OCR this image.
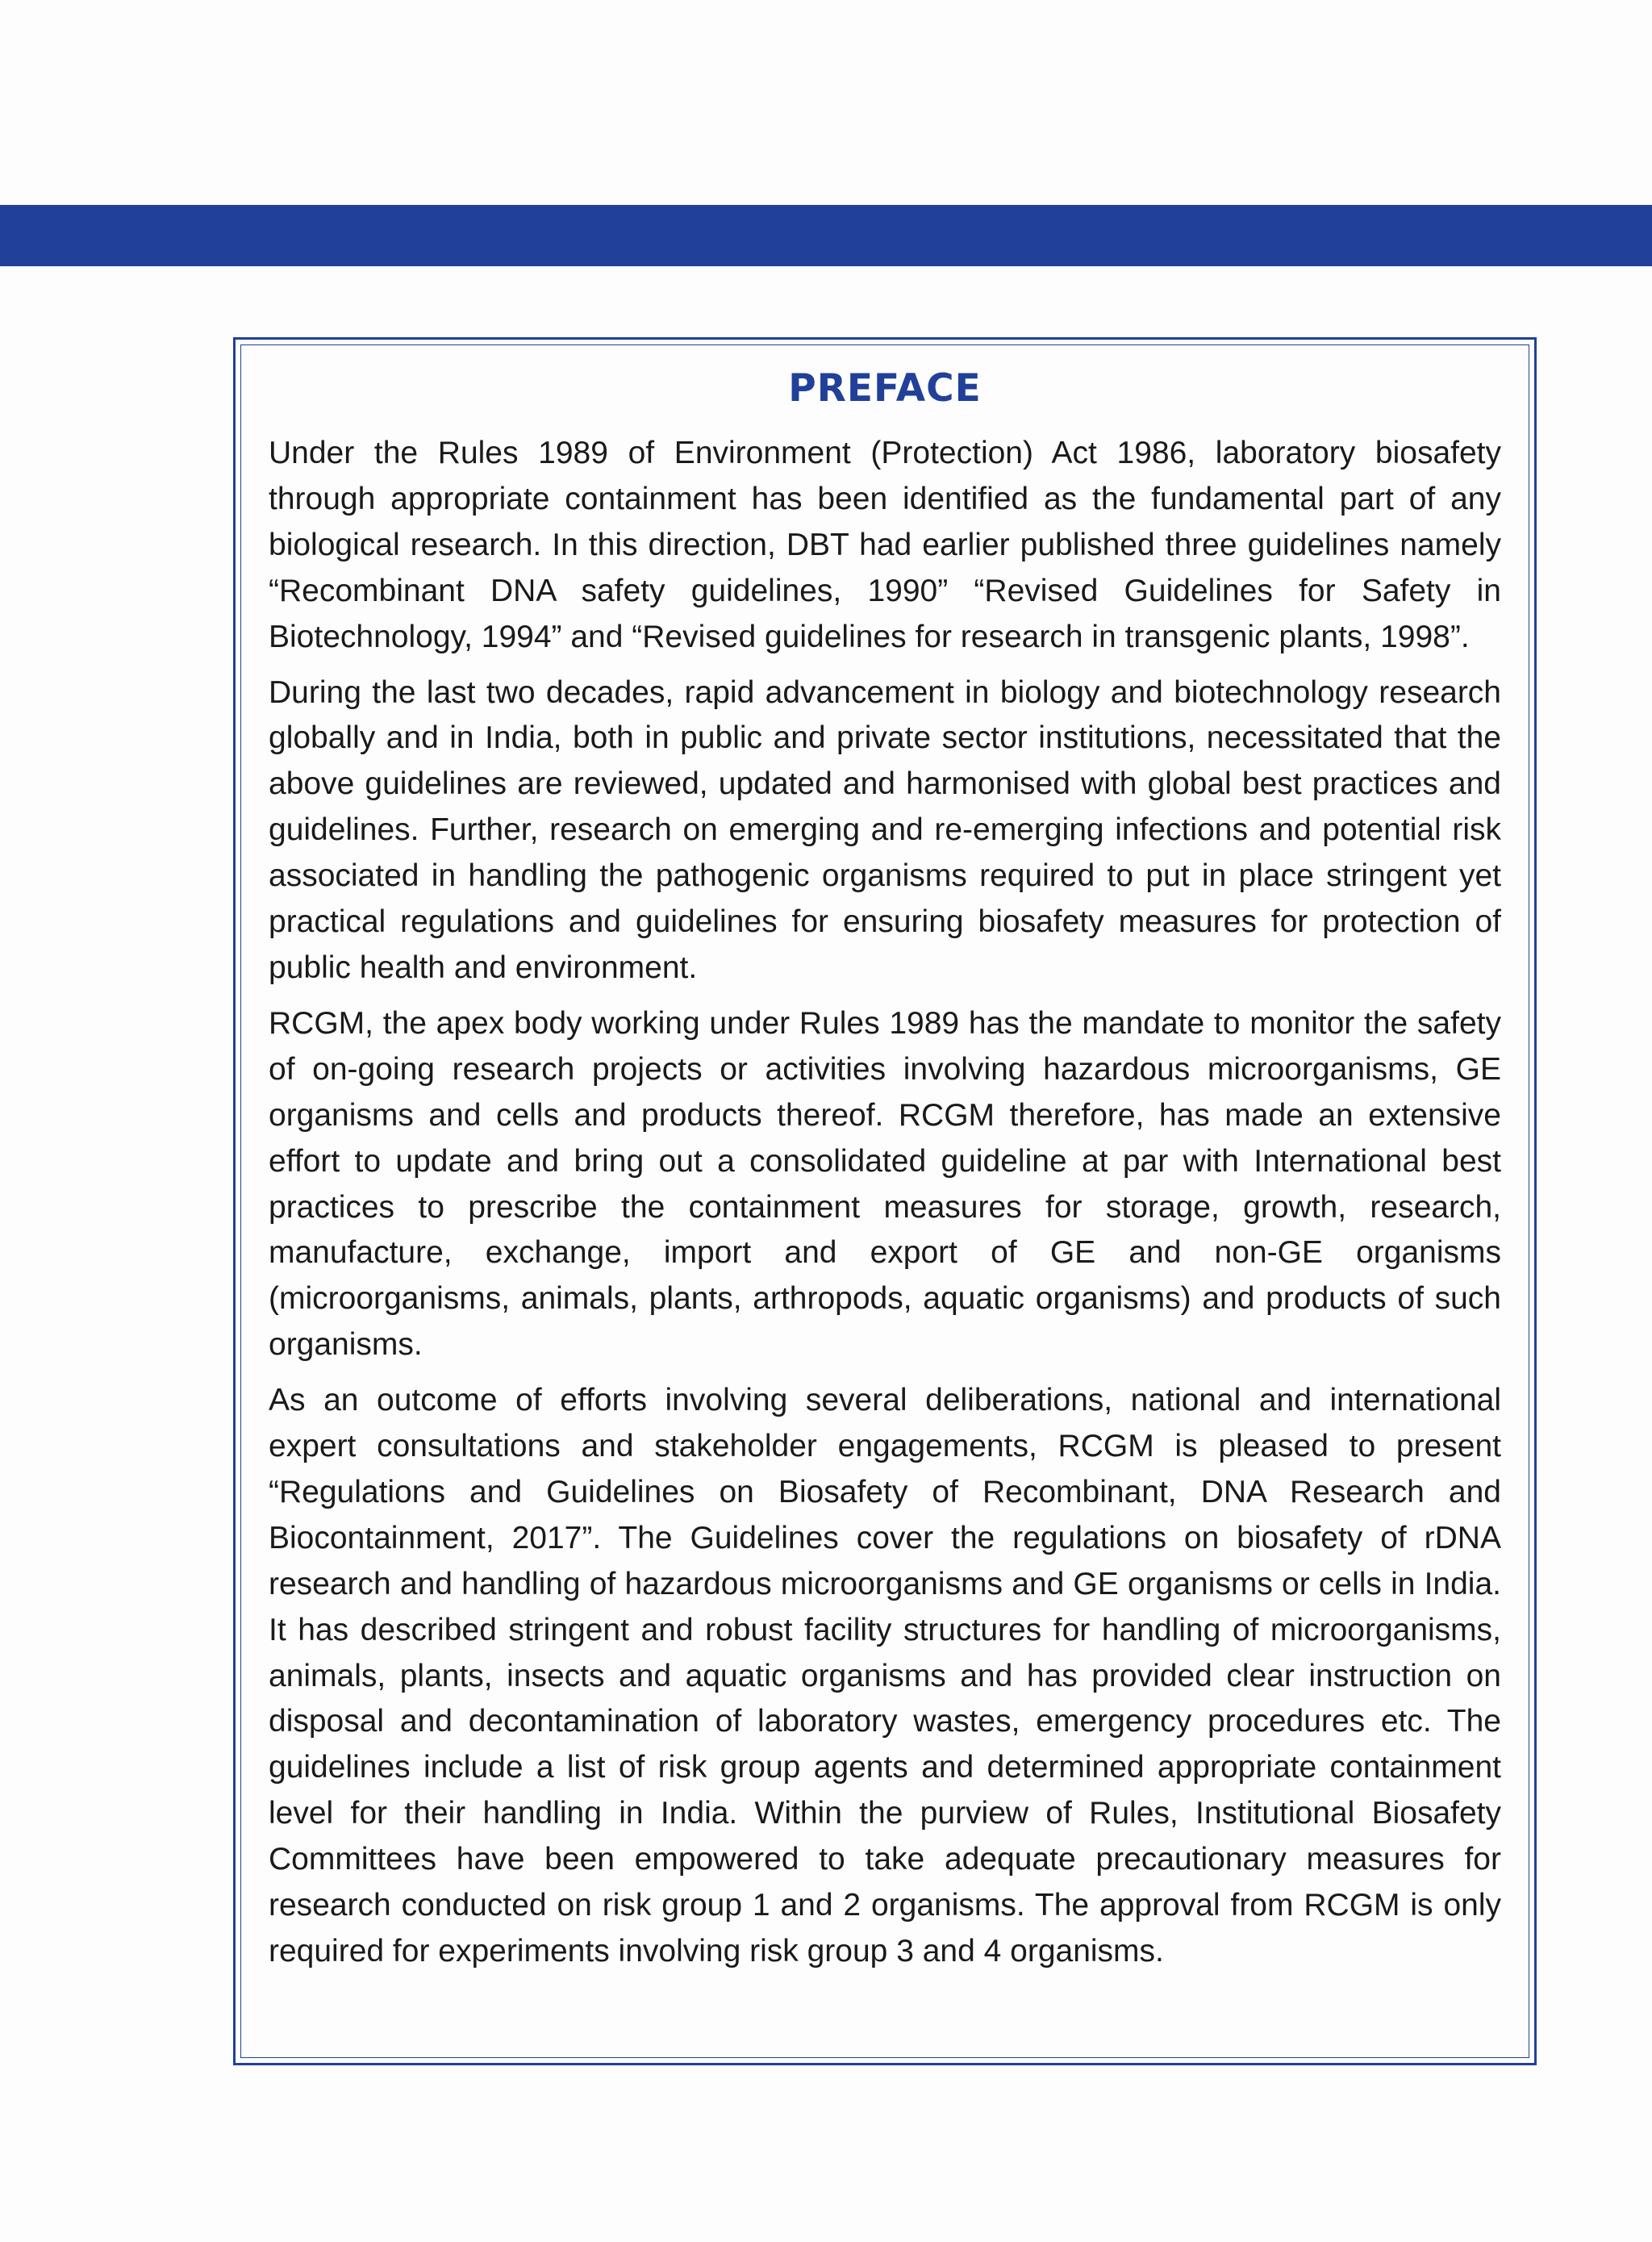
PREFACE

Under the Rules 1989 of Environment (Protection) Act 1986, laboratory biosafety through appropriate containment has been identified as the fundamental part of any biological research. In this direction, DBT had earlier published three guidelines namely “Recombinant DNA safety guidelines, 1990” “Revised Guidelines for Safety in Biotechnology, 1994” and “Revised guidelines for research in transgenic plants, 1998”.

During the last two decades, rapid advancement in biology and biotechnology research globally and in India, both in public and private sector institutions, necessitated that the above guidelines are reviewed, updated and harmonised with global best practices and guidelines. Further, research on emerging and re-emerging infections and potential risk associated in handling the pathogenic organisms required to put in place stringent yet practical regulations and guidelines for ensuring biosafety measures for protection of public health and environment.

RCGM, the apex body working under Rules 1989 has the mandate to monitor the safety of on-going research projects or activities involving hazardous microorganisms, GE organisms and cells and products thereof. RCGM therefore, has made an extensive effort to update and bring out a consolidated guideline at par with International best practices to prescribe the containment measures for storage, growth, research, manufacture, exchange, import and export of GE and non-GE organisms (microorganisms, animals, plants, arthropods, aquatic organisms) and products of such organisms.

As an outcome of efforts involving several deliberations, national and international expert consultations and stakeholder engagements, RCGM is pleased to present “Regulations and Guidelines on Biosafety of Recombinant, DNA Research and Biocontainment, 2017”. The Guidelines cover the regulations on biosafety of rDNA research and handling of hazardous microorganisms and GE organisms or cells in India. It has described stringent and robust facility structures for handling of microorganisms, animals, plants, insects and aquatic organisms and has provided clear instruction on disposal and decontamination of laboratory wastes, emergency procedures etc. The guidelines include a list of risk group agents and determined appropriate containment level for their handling in India. Within the purview of Rules, Institutional Biosafety Committees have been empowered to take adequate precautionary measures for research conducted on risk group 1 and 2 organisms. The approval from RCGM is only required for experiments involving risk group 3 and 4 organisms.
